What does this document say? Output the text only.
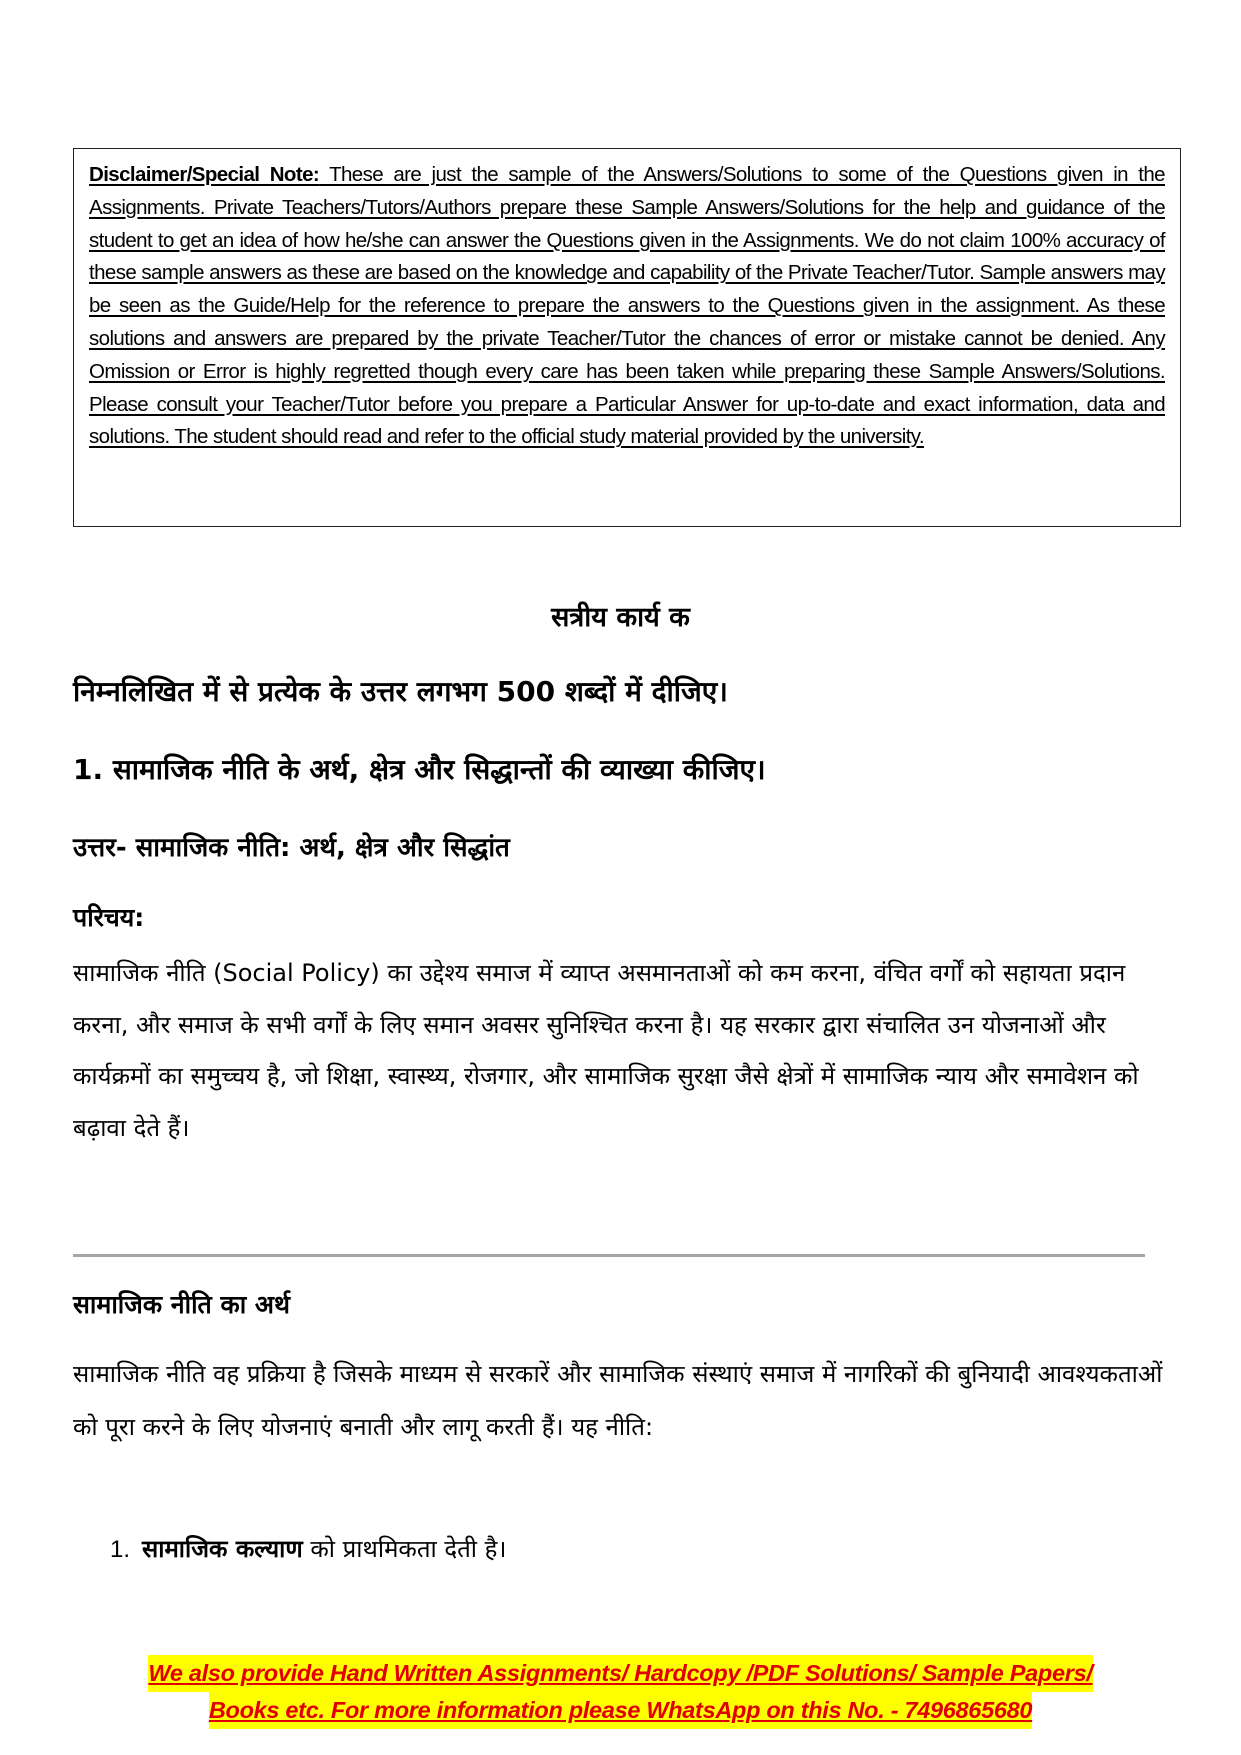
Disclaimer/Special Note: These are just the sample of the Answers/Solutions to some of the Questions given in the Assignments. Private Teachers/Tutors/Authors prepare these Sample Answers/Solutions for the help and guidance of the student to get an idea of how he/she can answer the Questions given in the Assignments. We do not claim 100% accuracy of these sample answers as these are based on the knowledge and capability of the Private Teacher/Tutor. Sample answers may be seen as the Guide/Help for the reference to prepare the answers to the Questions given in the assignment. As these solutions and answers are prepared by the private Teacher/Tutor the chances of error or mistake cannot be denied. Any Omission or Error is highly regretted though every care has been taken while preparing these Sample Answers/Solutions. Please consult your Teacher/Tutor before you prepare a Particular Answer for up-to-date and exact information, data and solutions. The student should read and refer to the official study material provided by the university.

सत्रीय कार्य क
निम्नलिखित में से प्रत्येक के उत्तर लगभग 500 शब्दों में दीजिए।
1. सामाजिक नीति के अर्थ, क्षेत्र और सिद्धान्तों की व्याख्या कीजिए।
उत्तर- सामाजिक नीति: अर्थ, क्षेत्र और सिद्धांत
परिचय:
सामाजिक नीति (Social Policy) का उद्देश्य समाज में व्याप्त असमानताओं को कम करना, वंचित वर्गों को सहायता प्रदान करना, और समाज के सभी वर्गों के लिए समान अवसर सुनिश्चित करना है। यह सरकार द्वारा संचालित उन योजनाओं और कार्यक्रमों का समुच्चय है, जो शिक्षा, स्वास्थ्य, रोजगार, और सामाजिक सुरक्षा जैसे क्षेत्रों में सामाजिक न्याय और समावेशन को बढ़ावा देते हैं।
सामाजिक नीति का अर्थ
सामाजिक नीति वह प्रक्रिया है जिसके माध्यम से सरकारें और सामाजिक संस्थाएं समाज में नागरिकों की बुनियादी आवश्यकताओं को पूरा करने के लिए योजनाएं बनाती और लागू करती हैं। यह नीति:
1. सामाजिक कल्याण को प्राथमिकता देती है।
We also provide Hand Written Assignments/ Hardcopy /PDF Solutions/ Sample Papers/
Books etc. For more information please WhatsApp on this No. - 7496865680
